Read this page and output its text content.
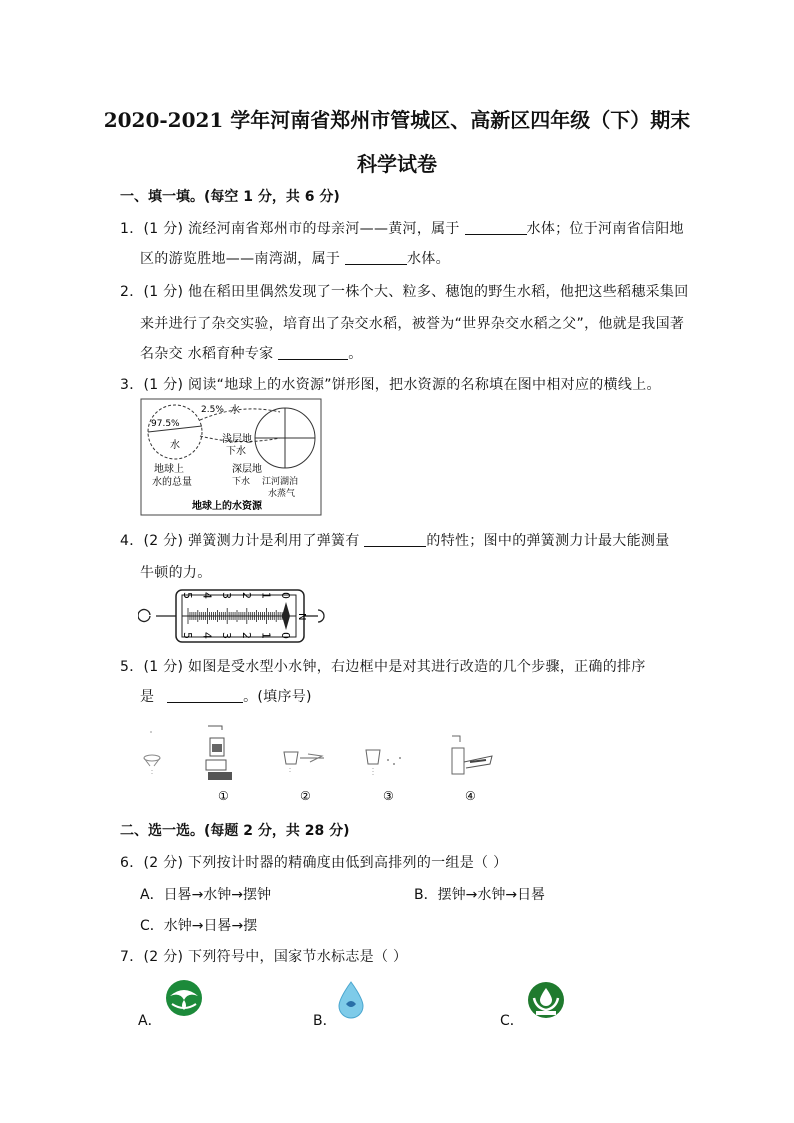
2020-2021 学年河南省郑州市管城区、高新区四年级（下）期末
科学试卷
一、填一填。(每空 1 分，共 6 分)
1．(1 分) 流经河南省郑州市的母亲河——黄河，属于	水体；位于河南省信阳地
区的游览胜地——南湾湖，属于	水体。
2．(1 分) 他在稻田里偶然发现了一株个大、粒多、穗饱的野生水稻，他把这些稻穗采集回
来并进行了杂交实验，培育出了杂交水稻，被誉为“世界杂交水稻之父”，他就是我国著
名杂交 水稻育种专家	。
3．(1 分) 阅读“地球上的水资源”饼形图，把水资源的名称填在图中相对应的横线上。
97.5%
2.5% 水
水
浅层地
下水
深层地
下水 江河湖泊
水蒸气
地球上
水的总量
地球上的水资源
4．(2 分) 弹簧测力计是利用了弹簧有	的特性；图中的弹簧测力计最大能测量
牛顿的力。
N
5
5
4
4
3
3
2
2
1
1
0
0
5．(1 分) 如图是受水型小水钟，右边框中是对其进行改造的几个步骤，正确的排序
是	。(填序号)
①	②	③	④
二、选一选。(每题 2 分，共 28 分)
6．(2 分) 下列按计时器的精确度由低到高排列的一组是（ ）
A．日晷→水钟→摆钟	B．摆钟→水钟→日晷
C．水钟→日晷→摆
7．(2 分) 下列符号中，国家节水标志是（ ）
A．	B．	C．
